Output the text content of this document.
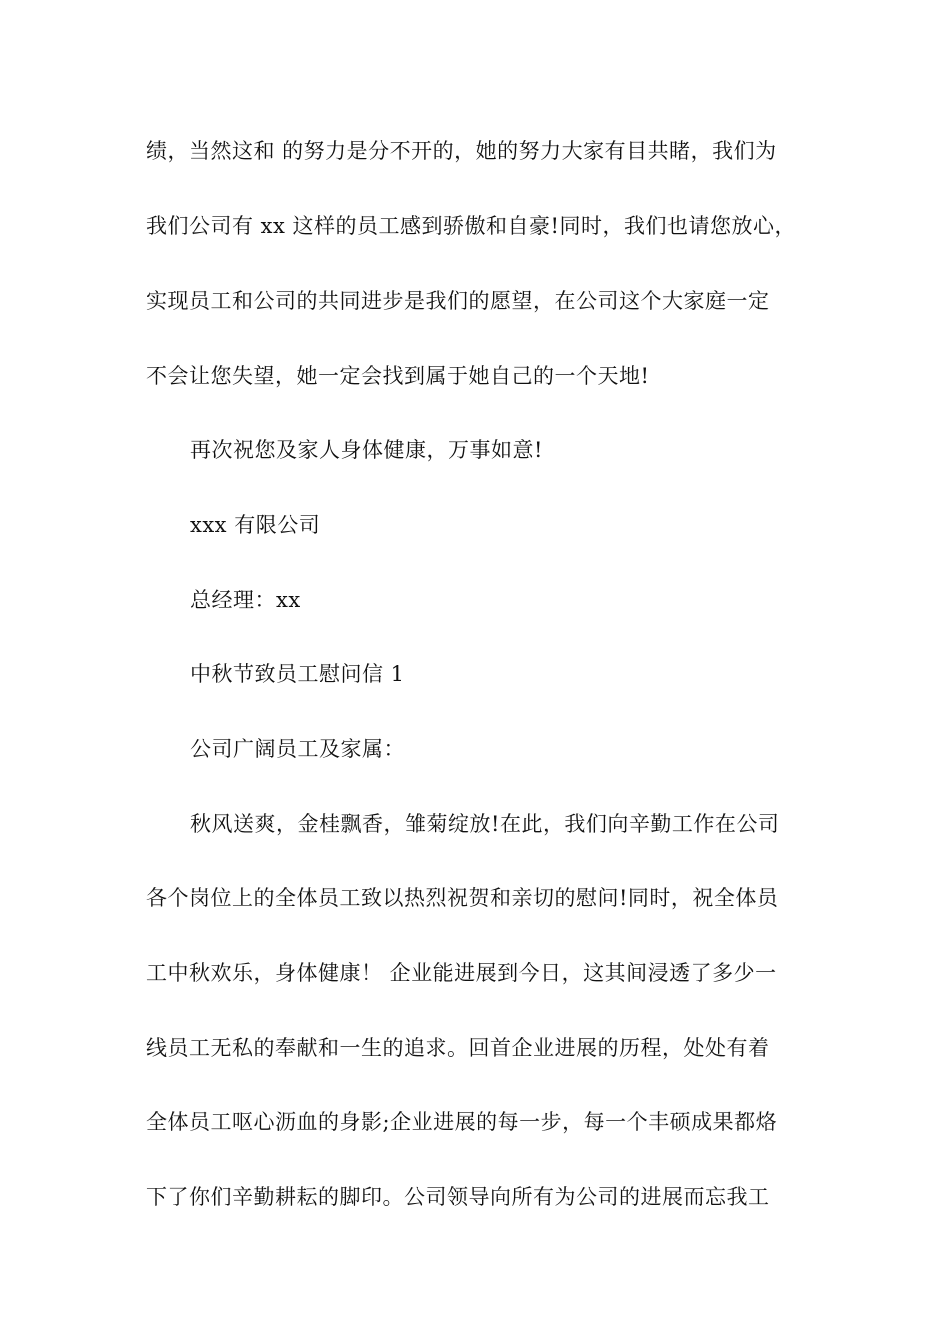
绩，当然这和 的努力是分不开的，她的努力大家有目共睹，我们为
我们公司有 xx 这样的员工感到骄傲和自豪!同时，我们也请您放心，
实现员工和公司的共同进步是我们的愿望，在公司这个大家庭一定
不会让您失望，她一定会找到属于她自己的一个天地!
再次祝您及家人身体健康，万事如意!
xxx 有限公司
总经理：xx
中秋节致员工慰问信 1
公司广阔员工及家属：
秋风送爽，金桂飘香，雏菊绽放!在此，我们向辛勤工作在公司
各个岗位上的全体员工致以热烈祝贺和亲切的慰问!同时，祝全体员
工中秋欢乐，身体健康！ 企业能进展到今日，这其间浸透了多少一
线员工无私的奉献和一生的追求。回首企业进展的历程，处处有着
全体员工呕心沥血的身影;企业进展的每一步，每一个丰硕成果都烙
下了你们辛勤耕耘的脚印。公司领导向所有为公司的进展而忘我工
